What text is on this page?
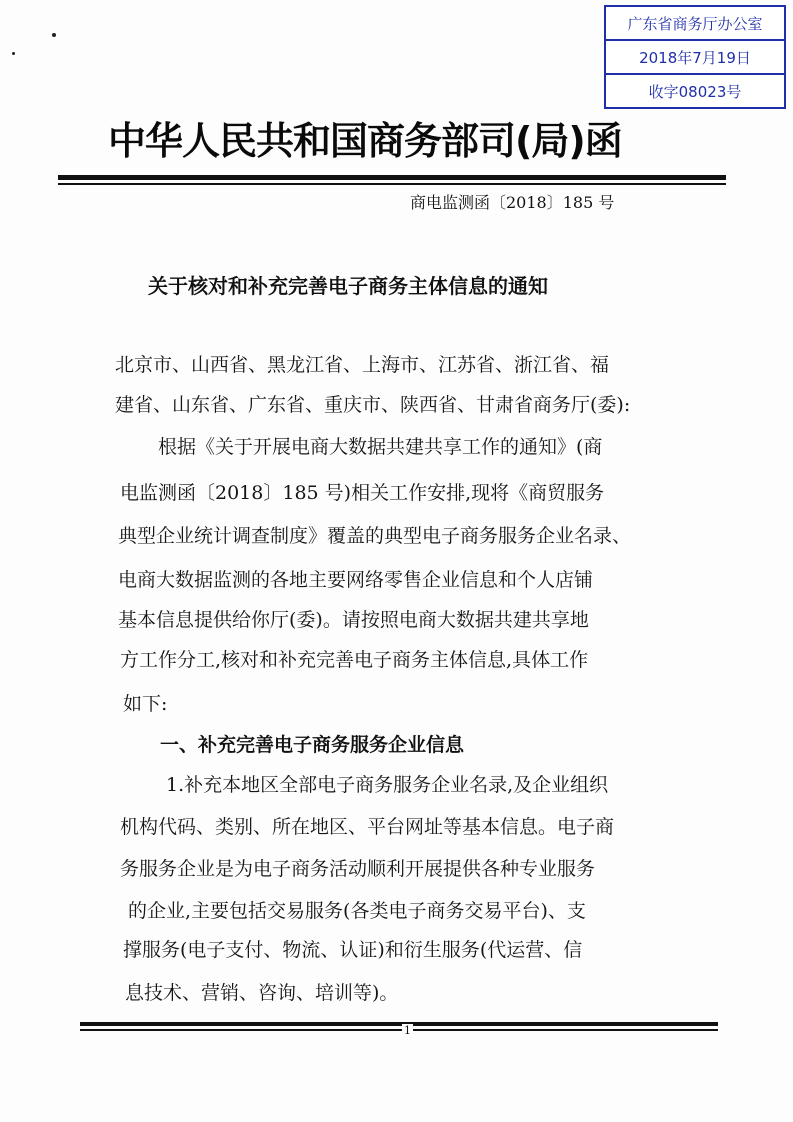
广东省商务厅办公室
2018年7月19日
收字08023号
中华人民共和国商务部司(局)函
商电监测函〔2018〕185 号
关于核对和补充完善电子商务主体信息的通知
北京市、山西省、黑龙江省、上海市、江苏省、浙江省、福
建省、山东省、广东省、重庆市、陕西省、甘肃省商务厅(委):
根据《关于开展电商大数据共建共享工作的通知》(商
电监测函〔2018〕185 号)相关工作安排,现将《商贸服务
典型企业统计调查制度》覆盖的典型电子商务服务企业名录、
电商大数据监测的各地主要网络零售企业信息和个人店铺
基本信息提供给你厅(委)。请按照电商大数据共建共享地
方工作分工,核对和补充完善电子商务主体信息,具体工作
如下:
一、补充完善电子商务服务企业信息
1.补充本地区全部电子商务服务企业名录,及企业组织
机构代码、类别、所在地区、平台网址等基本信息。电子商
务服务企业是为电子商务活动顺利开展提供各种专业服务
的企业,主要包括交易服务(各类电子商务交易平台)、支
撑服务(电子支付、物流、认证)和衍生服务(代运营、信
息技术、营销、咨询、培训等)。
1
